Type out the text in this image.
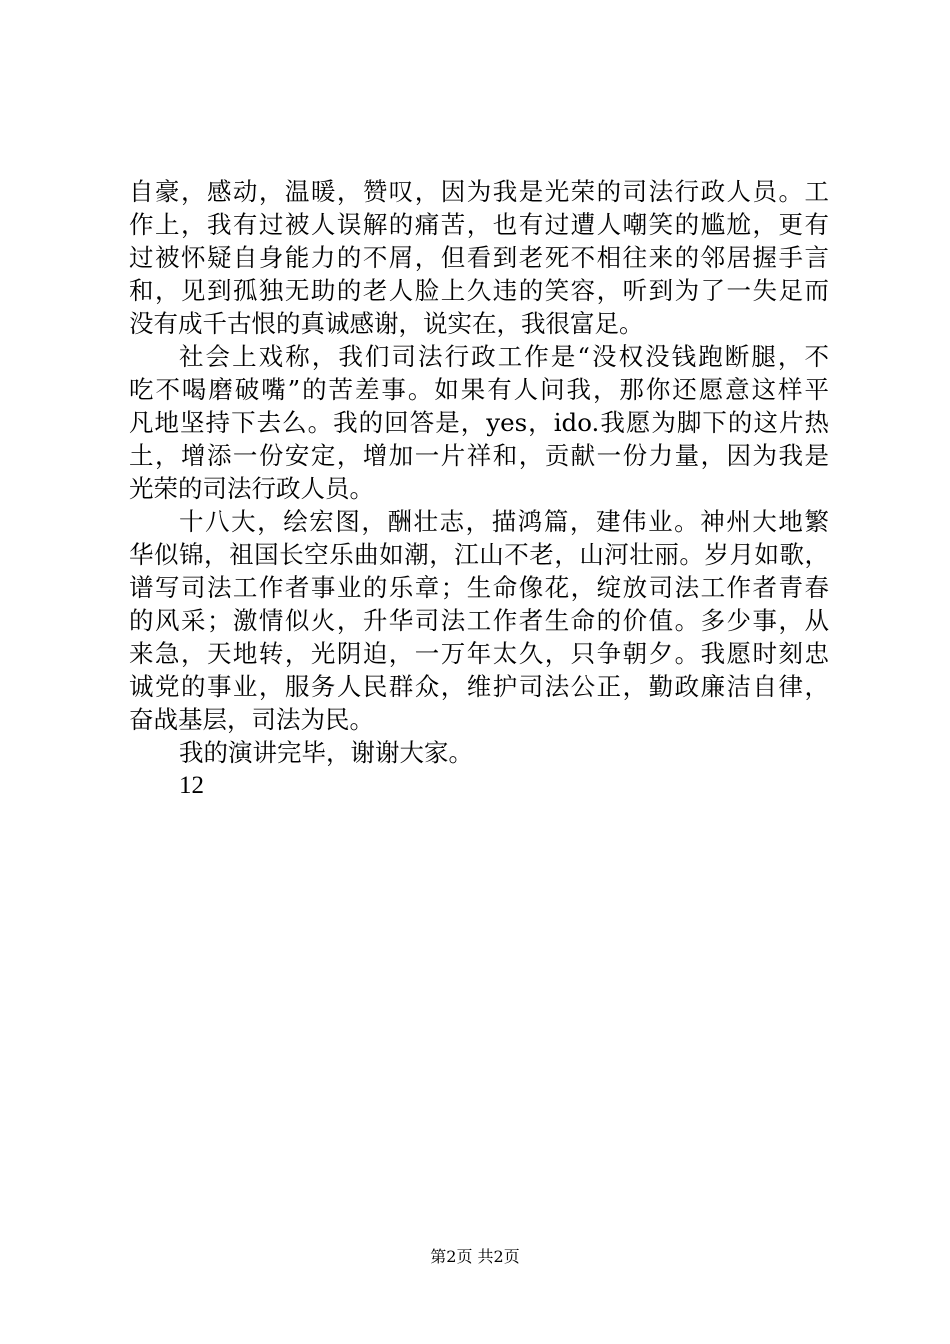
自豪，感动，温暖，赞叹，因为我是光荣的司法行政人员。工
作上，我有过被人误解的痛苦，也有过遭人嘲笑的尴尬，更有
过被怀疑自身能力的不屑，但看到老死不相往来的邻居握手言
和，见到孤独无助的老人脸上久违的笑容，听到为了一失足而
没有成千古恨的真诚感谢，说实在，我很富足。
社会上戏称，我们司法行政工作是“没权没钱跑断腿，不
吃不喝磨破嘴”的苦差事。如果有人问我，那你还愿意这样平
凡地坚持下去么。我的回答是，yes，ido.我愿为脚下的这片热
土，增添一份安定，增加一片祥和，贡献一份力量，因为我是
光荣的司法行政人员。
十八大，绘宏图，酬壮志，描鸿篇，建伟业。神州大地繁
华似锦，祖国长空乐曲如潮，江山不老，山河壮丽。岁月如歌，
谱写司法工作者事业的乐章；生命像花，绽放司法工作者青春
的风采；激情似火，升华司法工作者生命的价值。多少事，从
来急，天地转，光阴迫，一万年太久，只争朝夕。我愿时刻忠
诚党的事业，服务人民群众，维护司法公正，勤政廉洁自律，
奋战基层，司法为民。
我的演讲完毕，谢谢大家。
12
第2页 共2页
